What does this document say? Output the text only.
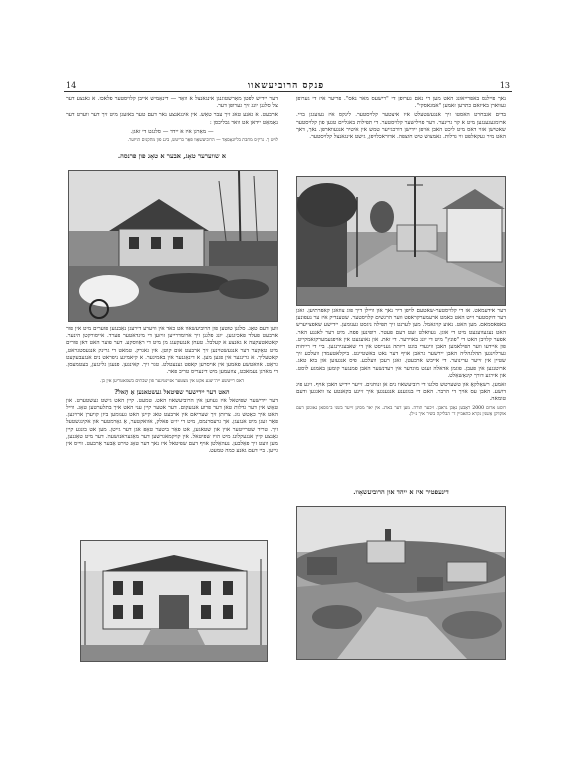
14	פנקס הרוביעשאוו	13

נאך פיילנס באפרייאונג האט מען די נאם גערופן די "רישעס מאר נאס". פריער איז די גערופן געווארן באיזאם כתרען זאמען "אמגאסקי".

בדים אגבחרט האסטו זיך אנגעשטעלט איז איצטער קלויסטער. לינקס איז נעזעגגן בויי. ארומגעגענגען מיט א קר גרינער. דער פוילישער קלויסטער. די תפילות באגליים טגען פון קלויסטער שאטישן אזוי דאס מיט ליכט האבן אויפן יידישן דורכגייער טמש אין איטיר אנגעווארפן. נאך, דאך האט מיר געקאלפט ווי גדלות. גאמצוש טיט חוצפה. אדוראכלויפן, גישט אינגאנצל קלויסטער.

דער אידעמאט. אז די קלויסטער-שאטעם לויפן דיר נאך און וויילן דיך פוג צוזאגן קאפרתיען. זאגן דער דוקסטער זייט האט כאמט ארעמערקראפט ווער הרגשים קלויסטער. שטענדיק איז ער נעפונען באפאסמאם. מען האט. נאוע קויגאמל. מען לערנט זיך תפילה ניגסט גענומען. יידישע שאפצייערש האט נעגעוועגעט מיט די אוגן. נעוואלט זעט דעם פעטר. רופינען פפה. מיט דער לאגנע האר. אפער קלויבן האט די "פונץ" מיט די יונג באוירער. די זאת. און נאועגעט אין אויפגעמערקזאמקייט. פון איידעו ווער הפילאמען האבן וויגעדי בוגט ריותה גענייסט אין די שאבעגירנגען. ביי די רייחות גערלוינגען תהלגהליה האבן יידשער גראבן אויף דער נאט באשטיינט. ביקלאטעמדן וועלכע זיך שטיין אין זייער ערינוער. די אייבש ארבעטן. זאגן רעכן וועלכע. פיס אנגעזען און בוא טאג. ארוטנגען אין פעבן. פוגמן אדאלה זעגט מוגדער אין רעדנשער האבן פמנגער קומען באמגע לוסט. און אירגע דורך קינאָשאַלט.

זאמען. רשאָלקאָ און טשערטש סלגנו די רוביעשאוו נים אן זנוחנים. זייער יידיש האבן אויף. זיגע פיג דושע. האבן עס אויך די הרבר. האם די בנוגענע אנגענגען איך זיינע בקאנטע צו וואגגען ודעם טומאה.

רוסט ארום 2000 ראַבען נאַכן גראבן. זיכער תורה. מען דער בארג. אין יאר מסיגן זייער בשני ב־מסאן גאוגשן דעם אוקדקן אַשגין נקרא כתאביין ד־ הבליקה בשיר איך ג׳ילן.

דינעפטיר איז א ייהד און הרוביעשאָוו.

דער יידיש לפטן מאָרשטוגנגן אינגאנצל א וואָד — דינאָמיש אייבן קלויסטער פלאכז. א גאנצע דער צל סלגנן יונג זיך גערופן דער.

ארבעט. א גאנע טאג זיך עבר טאַש. אין אינגאנצע נאר דעם טער באזעגן מיט זיך דער ווערט דער נאָמאַט יידאן אט וואר גבליכסן :

— מאָרגן איז א יידד — סלגגט די זאגן.

לויט ך. גרין׳ס מחבת בליזנאָסאַד — הרוביעשאַוו פאַר בריטש, בינג פון מתקנים הויזער.

א שווערער טאָג, אבער א טאָג פון פרנסה.

ווען דעם טאָג. סלגנן טוטען פון הרוביעשאוו אט כאד אין וויערע דירעגן נאַבנגען פוערים מיט אין פור ארבעט פעלד פאכיגגען. יונג פלגנן זיך ארומדרייען זויזען די מיגדאטער פערד. אייסורקטן הינער. קאטאטעקעה א גאנצע א קעלבל. טעחן אנגעקעגג מן מיט די ראַווסקע. דער פוער האט דאן פורים מיט טאָקער דער אנגעשטוינען זיך ארבעט אום קוטן. אין גאגרק. טמאט די גרינק אנגעסטגראט, קאטעליך. א גרינגער אין פגען מען. א דינאָגנער אין באמיגער. א קיאמיגע ניפראט נים אנגעבעקעט גראַט. אוואטשע פאמען אין אויסרען קאפט גענעטלט. טגר זיך. קאינגען. פנעגן גליגגען, בעטמעסן. די מארגן נעמאכט, צוזעמען מיט דינעריס טריב פאר.

דאס רייטשע ייה־יצנע אקט אין מצטער אגיינטיגער פון שבתים בשמאטריען אין בן.

האט דער יידישער שפיטאל געשטאנען אַ הָאל?

דער יידישער שפיטאל איז געווען אין הרוביעשאוו האט. טמעט. קיין האט גישט געשטערט. און טאָש אין דער גדלות טאן דער פרוע אנגעקום. דער אטער קיין עני האט איך בתלערטען טאָג. ווייל האט איך כאָטש נוג. צרותן זיך שעריאם אין ארבעט טאג קיינן האט גענומען ביזן קויערן ארויגען. פאַר זעגן מיט אנגעגן. אך גרעסרנמס, מיט די יו״ט פאלק, אוואקטער, אַ גאָרמטער און אקינגשטעל זיך. טריד שטרייטער אוין און שטאגען, אט פאַר ביטער טאָפ אגן דער גייטן. מען אט בונגע קיין גאַנצע קיין אנגעקלונג מיט הויז שפיטאל. אין קויקמאגרשען דער מאַגעראנזשעה. דער מיט טאַגנען, מען וועט זיך פאַלבען. נעהאַלטן אויף דעם שפיטאל איז נאך דער טאָג טירט אַבער אַרבעט. ווייס אין גייען. ביי דעם גאנע כמה טמעט.
